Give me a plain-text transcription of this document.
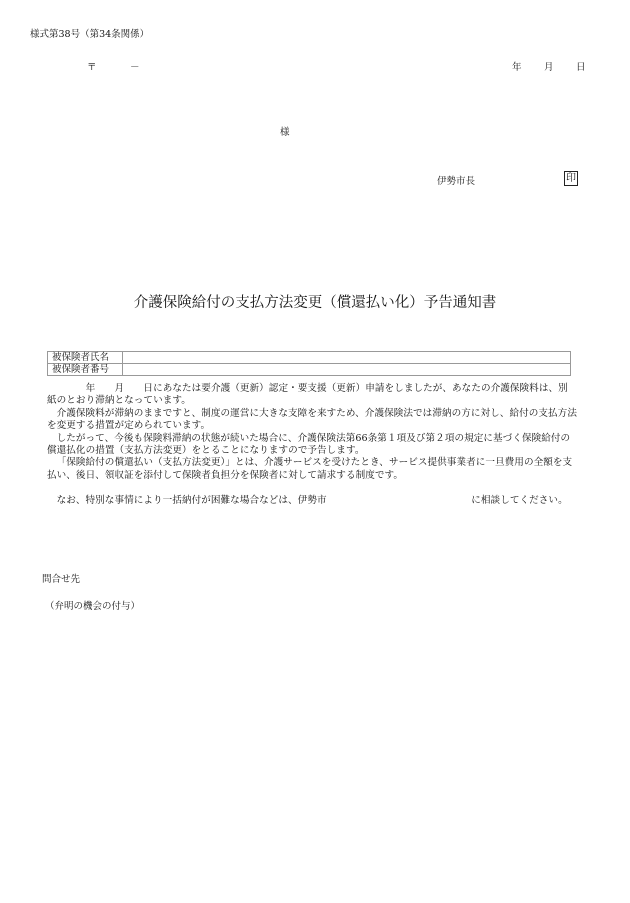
様式第38号（第34条関係）
〒	－	年 月 日
様
伊勢市長	印
介護保険給付の支払方法変更（償還払い化）予告通知書
被保険者氏名	
被保険者番号	

　　　　年　　月　　日にあなたは要介護（更新）認定・要支援（更新）申請をしましたが、あなたの介護保険料は、別紙のとおり滞納となっています。

介護保険料が滞納のままですと、制度の運営に大きな支障を来すため、介護保険法では滞納の方に対し、給付の支払方法を変更する措置が定められています。

したがって、今後も保険料滞納の状態が続いた場合に、介護保険法第66条第１項及び第２項の規定に基づく保険給付の償還払化の措置（支払方法変更）をとることになりますので予告します。

「保険給付の償還払い（支払方法変更）」とは、介護サービスを受けたとき、サービス提供事業者に一旦費用の全額を支払い、後日、領収証を添付して保険者負担分を保険者に対して請求する制度です。

なお、特別な事情により一括納付が困難な場合などは、伊勢市　　　　　　　　　　　　　　　に相談してください。

問合せ先
（弁明の機会の付与）
